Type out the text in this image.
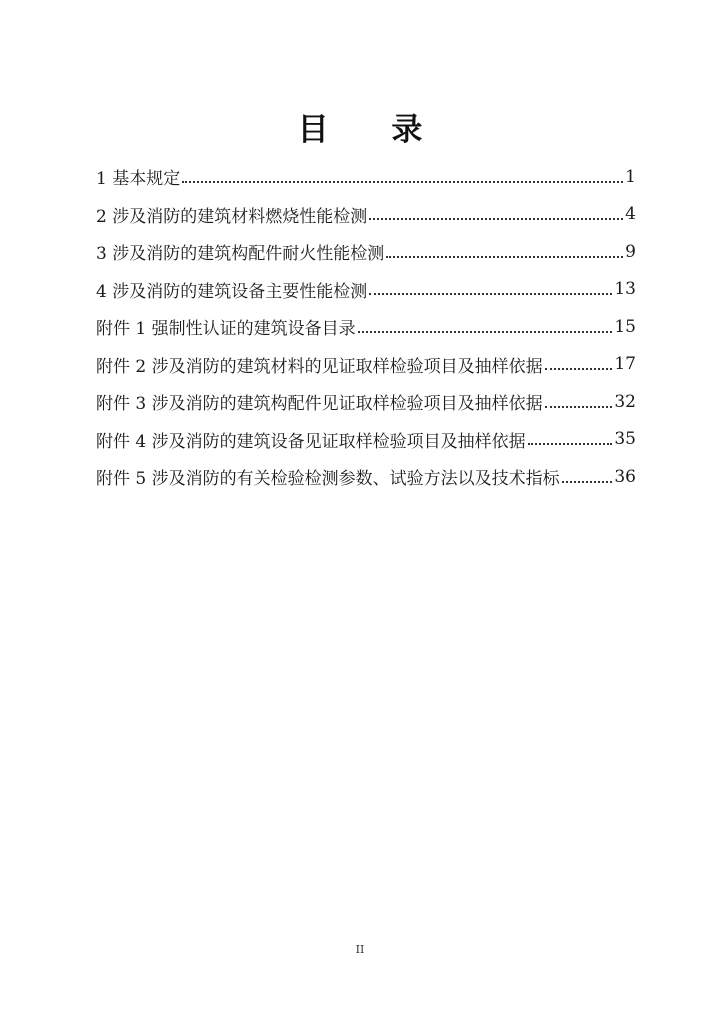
目 录
1 基本规定	1
2 涉及消防的建筑材料燃烧性能检测	4
3 涉及消防的建筑构配件耐火性能检测	9
4 涉及消防的建筑设备主要性能检测	13
附件 1 强制性认证的建筑设备目录	15
附件 2 涉及消防的建筑材料的见证取样检验项目及抽样依据	17
附件 3 涉及消防的建筑构配件见证取样检验项目及抽样依据	32
附件 4 涉及消防的建筑设备见证取样检验项目及抽样依据	35
附件 5 涉及消防的有关检验检测参数、试验方法以及技术指标	36
II
